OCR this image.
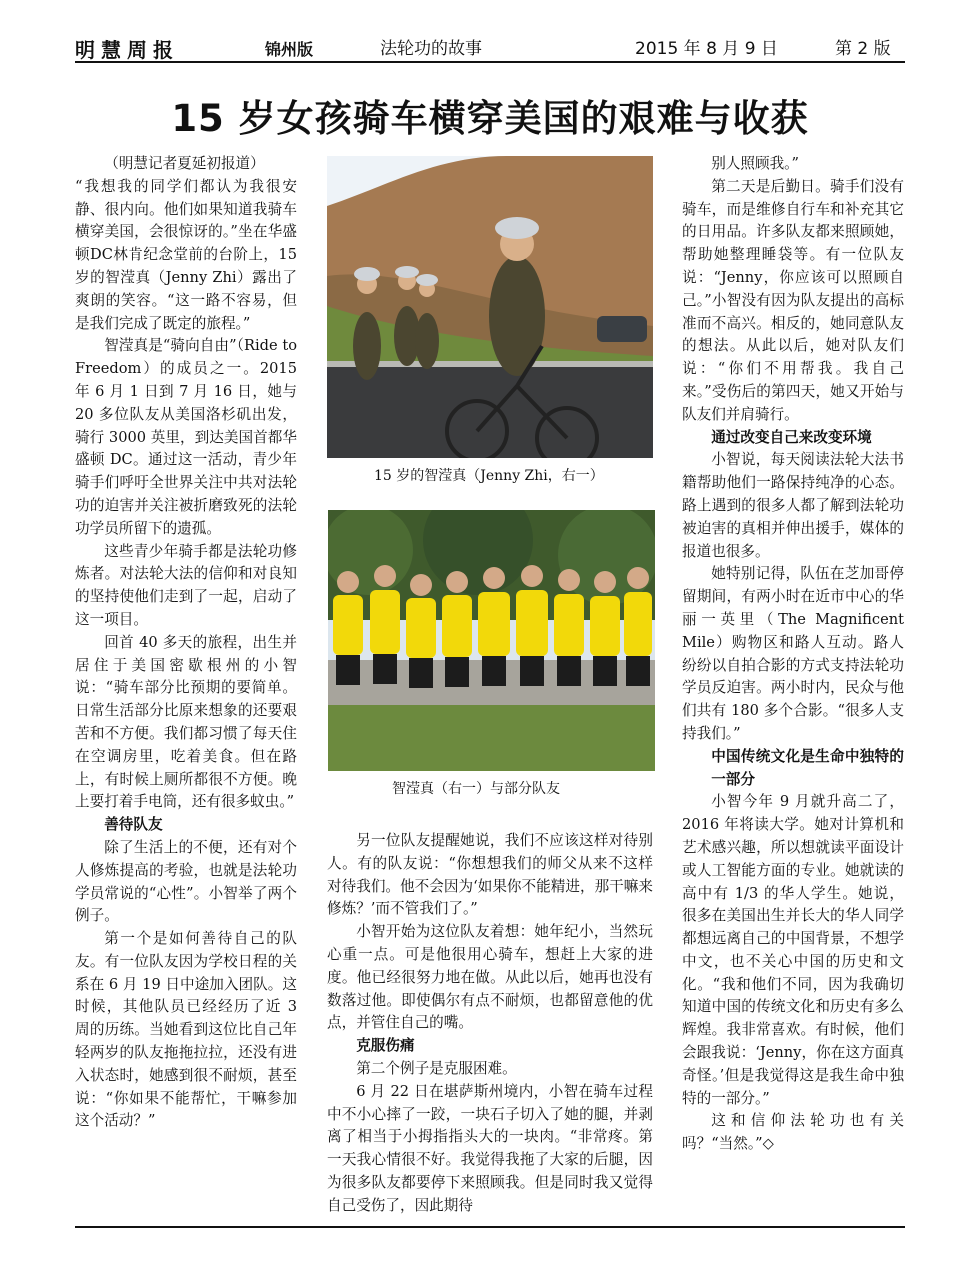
明慧周报	锦州版	法轮功的故事	2015 年 8 月 9 日	第 2 版
15 岁女孩骑车横穿美国的艰难与收获

（明慧记者夏延初报道）

“我想我的同学们都认为我很安静、很内向。他们如果知道我骑车横穿美国，会很惊讶的。”坐在华盛顿DC林肯纪念堂前的台阶上，15 岁的智滢真（Jenny Zhi）露出了爽朗的笑容。“这一路不容易，但是我们完成了既定的旅程。”

智滢真是“骑向自由”（Ride to Freedom）的成员之一。2015 年 6 月 1 日到 7 月 16 日，她与 20 多位队友从美国洛杉矶出发，骑行 3000 英里，到达美国首都华盛顿 DC。通过这一活动，青少年骑手们呼吁全世界关注中共对法轮功的迫害并关注被折磨致死的法轮功学员所留下的遗孤。

这些青少年骑手都是法轮功修炼者。对法轮大法的信仰和对良知的坚持使他们走到了一起，启动了这一项目。

回首 40 多天的旅程，出生并居住于美国密歇根州的小智说：“骑车部分比预期的要简单。日常生活部分比原来想象的还要艰苦和不方便。我们都习惯了每天住在空调房里，吃着美食。但在路上，有时候上厕所都很不方便。晚上要打着手电筒，还有很多蚊虫。”

善待队友

除了生活上的不便，还有对个人修炼提高的考验，也就是法轮功学员常说的“心性”。小智举了两个例子。

第一个是如何善待自己的队友。有一位队友因为学校日程的关系在 6 月 19 日中途加入团队。这时候，其他队员已经经历了近 3 周的历练。当她看到这位比自己年轻两岁的队友拖拖拉拉，还没有进入状态时，她感到很不耐烦，甚至说：“你如果不能帮忙，干嘛参加这个活动？”

15 岁的智滢真（Jenny Zhi，右一）
智滢真（右一）与部分队友

另一位队友提醒她说，我们不应该这样对待别人。有的队友说：“你想想我们的师父从来不这样对待我们。他不会因为‘如果你不能精进，那干嘛来修炼？’而不管我们了。”

小智开始为这位队友着想：她年纪小，当然玩心重一点。可是他很用心骑车，想赶上大家的进度。他已经很努力地在做。从此以后，她再也没有数落过他。即使偶尔有点不耐烦，也都留意他的优点，并管住自己的嘴。

克服伤痛

第二个例子是克服困难。

6 月 22 日在堪萨斯州境内，小智在骑车过程中不小心摔了一跤，一块石子切入了她的腿，并剥离了相当于小拇指指头大的一块肉。“非常疼。第一天我心情很不好。我觉得我拖了大家的后腿，因为很多队友都要停下来照顾我。但是同时我又觉得自己受伤了，因此期待

别人照顾我。”

第二天是后勤日。骑手们没有骑车，而是维修自行车和补充其它的日用品。许多队友都来照顾她，帮助她整理睡袋等。有一位队友说：“Jenny，你应该可以照顾自己。”小智没有因为队友提出的高标准而不高兴。相反的，她同意队友的想法。从此以后，她对队友们说：“你们不用帮我。我自己来。”受伤后的第四天，她又开始与队友们并肩骑行。

通过改变自己来改变环境

小智说，每天阅读法轮大法书籍帮助他们一路保持纯净的心态。路上遇到的很多人都了解到法轮功被迫害的真相并伸出援手，媒体的报道也很多。

她特别记得，队伍在芝加哥停留期间，有两小时在近市中心的华丽一英里（The Magnificent Mile）购物区和路人互动。路人纷纷以自拍合影的方式支持法轮功学员反迫害。两小时内，民众与他们共有 180 多个合影。“很多人支持我们。”

中国传统文化是生命中独特的一部分

小智今年 9 月就升高二了，2016 年将读大学。她对计算机和艺术感兴趣，所以想就读平面设计或人工智能方面的专业。她就读的高中有 1/3 的华人学生。她说，很多在美国出生并长大的华人同学都想远离自己的中国背景，不想学中文，也不关心中国的历史和文化。“我和他们不同，因为我确切知道中国的传统文化和历史有多么辉煌。我非常喜欢。有时候，他们会跟我说：‘Jenny，你在这方面真奇怪。’但是我觉得这是我生命中独特的一部分。”

这和信仰法轮功也有关吗？“当然。”◇
